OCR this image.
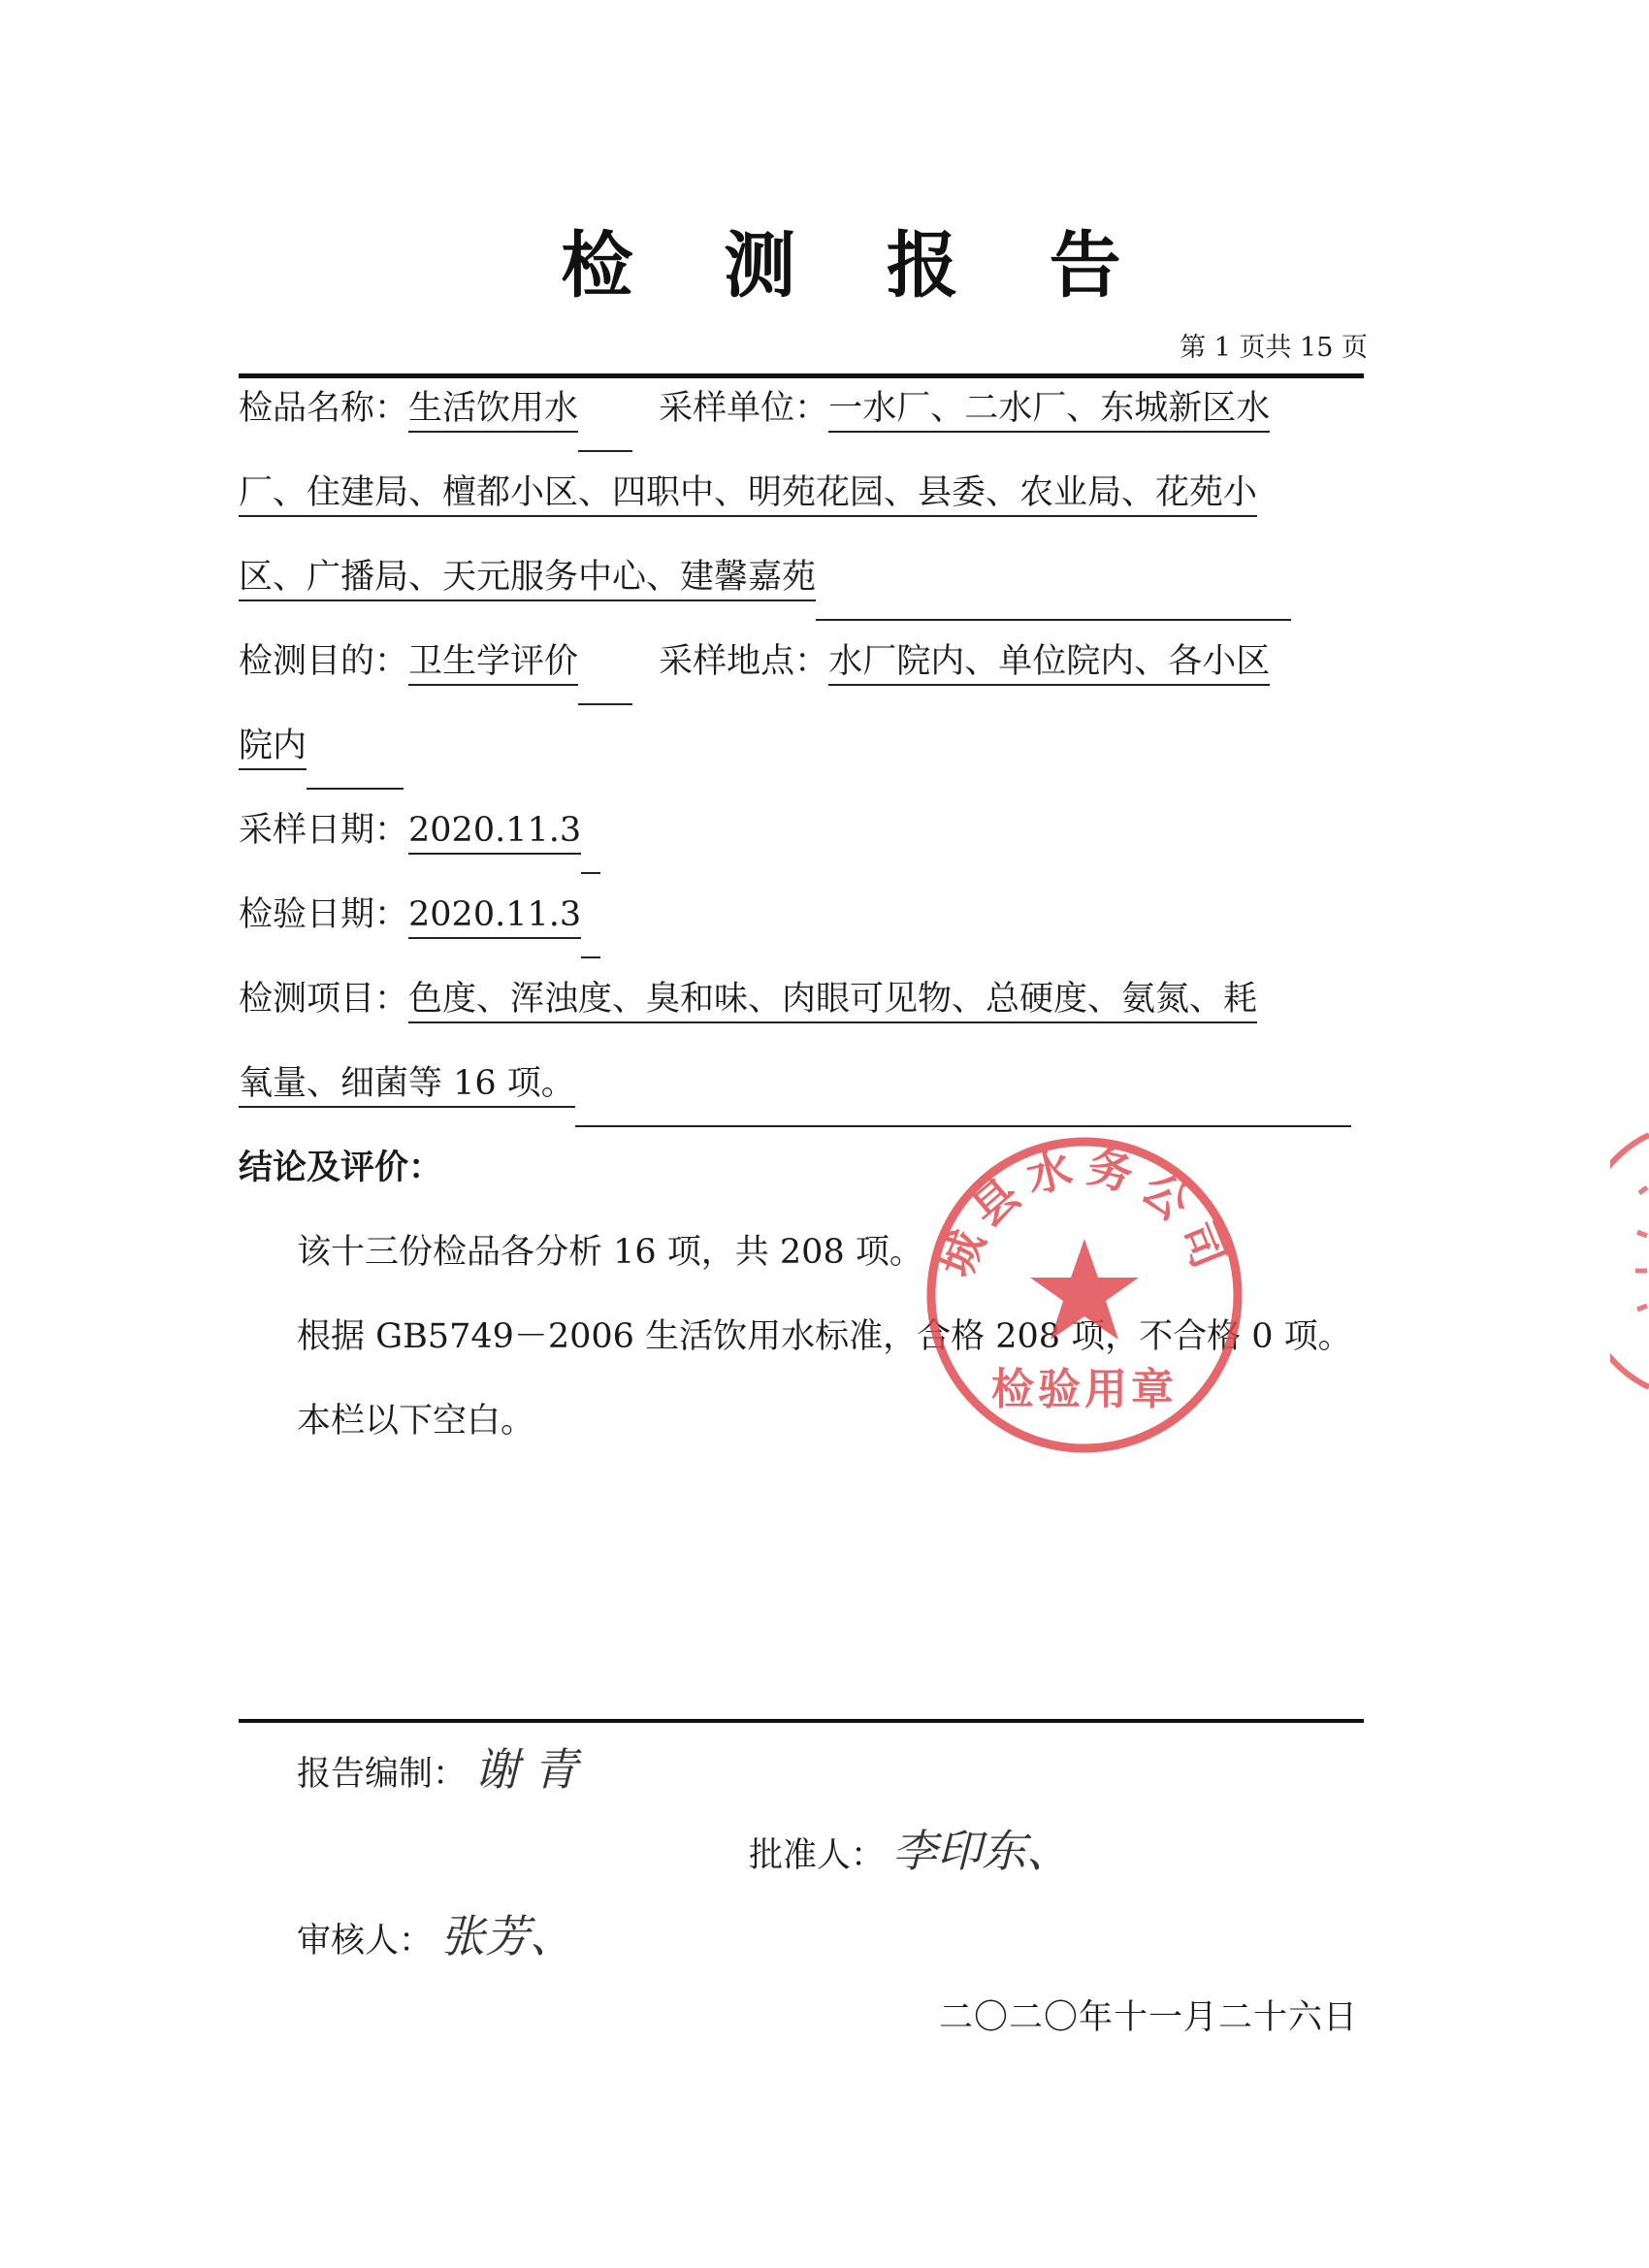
检 测 报 告
第 1 页共 15 页
检品名称：生活饮用水 采样单位：一水厂、二水厂、东城新区水
厂、住建局、檀都小区、四职中、明苑花园、县委、农业局、花苑小
区、广播局、天元服务中心、建馨嘉苑
检测目的：卫生学评价 采样地点：水厂院内、单位院内、各小区
院内
采样日期：2020.11.3
检验日期：2020.11.3
检测项目：色度、浑浊度、臭和味、肉眼可见物、总硬度、氨氮、耗
氧量、细菌等 16 项。
结论及评价：
该十三份检品各分析 16 项，共 208 项。
根据 GB5749－2006 生活饮用水标准，合格 208 项，不合格 0 项。
本栏以下空白。
城县水务公司
检验用章
报告编制： 谢 青
批准人： 李印东、
审核人： 张芳、
二〇二〇年十一月二十六日
